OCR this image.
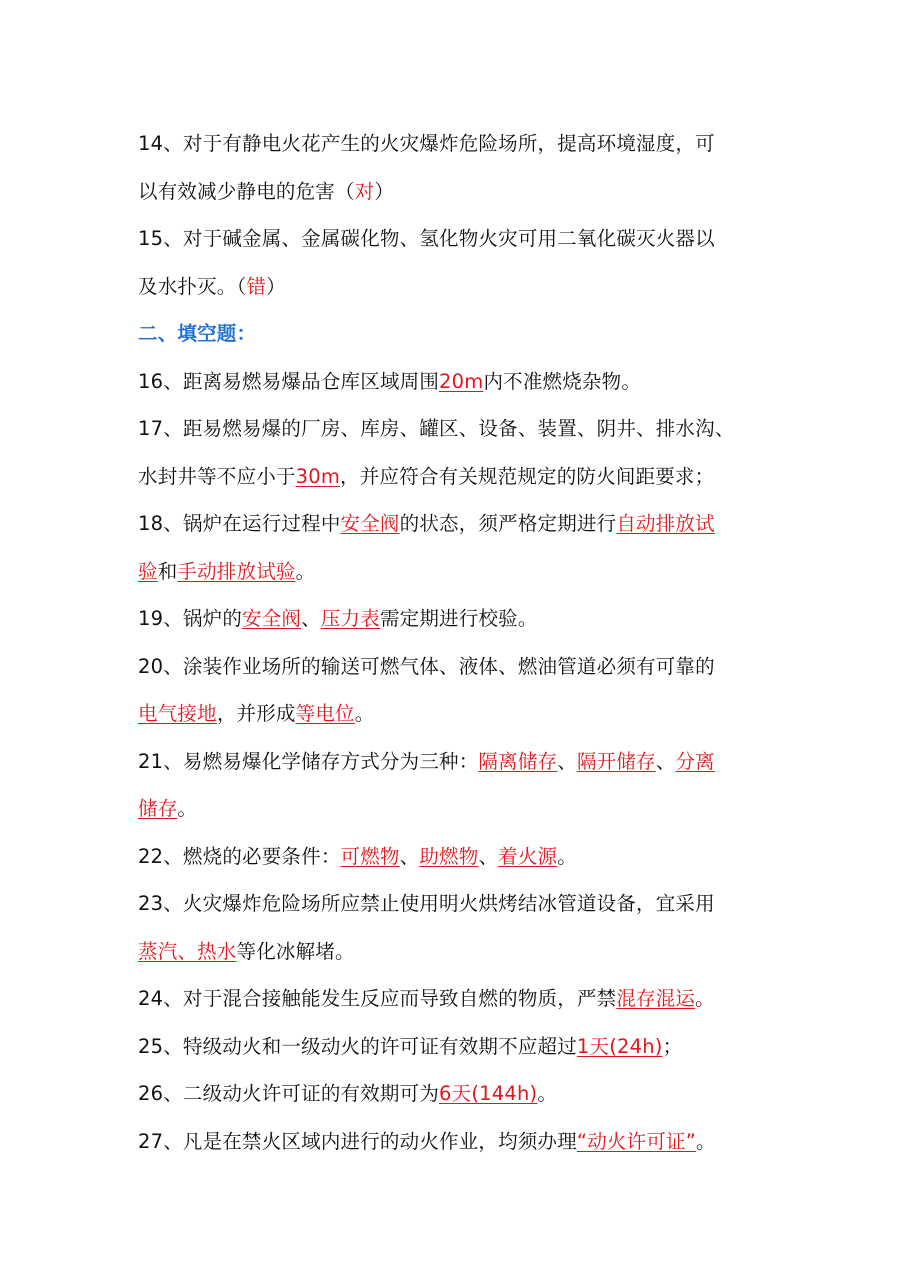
14、对于有静电火花产生的火灾爆炸危险场所，提高环境湿度，可
以有效减少静电的危害（对）
15、对于碱金属、金属碳化物、氢化物火灾可用二氧化碳灭火器以
及水扑灭。（错）
二、填空题：
16、距离易燃易爆品仓库区域周围20m内不准燃烧杂物。
17、距易燃易爆的厂房、库房、罐区、设备、装置、阴井、排水沟、
水封井等不应小于30m，并应符合有关规范规定的防火间距要求；
18、锅炉在运行过程中安全阀的状态，须严格定期进行自动排放试
验和手动排放试验。
19、锅炉的安全阀、压力表需定期进行校验。
20、涂装作业场所的输送可燃气体、液体、燃油管道必须有可靠的
电气接地，并形成等电位。
21、易燃易爆化学储存方式分为三种：隔离储存、隔开储存、分离
储存。
22、燃烧的必要条件：可燃物、助燃物、着火源。
23、火灾爆炸危险场所应禁止使用明火烘烤结冰管道设备，宜采用
蒸汽、热水等化冰解堵。
24、对于混合接触能发生反应而导致自燃的物质，严禁混存混运。
25、特级动火和一级动火的许可证有效期不应超过1天(24h)；
26、二级动火许可证的有效期可为6天(144h)。
27、凡是在禁火区域内进行的动火作业，均须办理“动火许可证”。
